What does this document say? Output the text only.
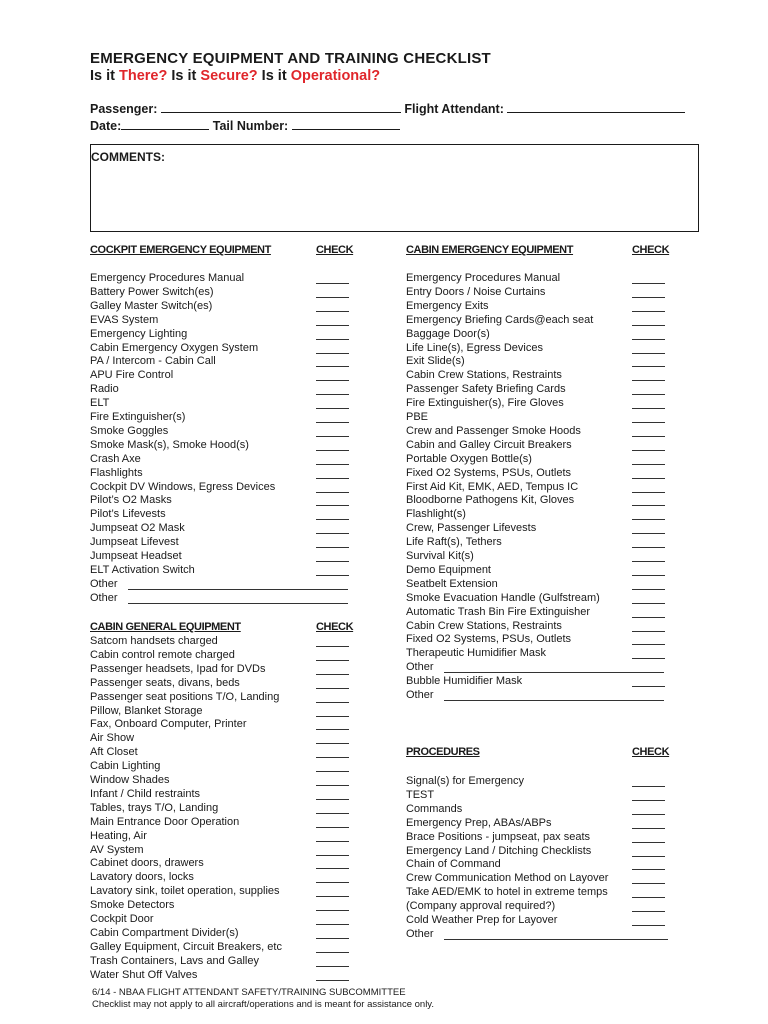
EMERGENCY EQUIPMENT AND TRAINING CHECKLIST
Is it There? Is it Secure? Is it Operational?
Passenger:	Flight Attendant:
Date:	Tail Number:
COMMENTS:
COCKPIT EMERGENCY EQUIPMENT	CHECK
Emergency Procedures Manual
Battery Power Switch(es)
Galley Master Switch(es)
EVAS System
Emergency Lighting
Cabin Emergency Oxygen System
PA / Intercom - Cabin Call
APU Fire Control
Radio
ELT
Fire Extinguisher(s)
Smoke Goggles
Smoke Mask(s), Smoke Hood(s)
Crash Axe
Flashlights
Cockpit DV Windows, Egress Devices
Pilot’s O2 Masks
Pilot’s Lifevests
Jumpseat O2 Mask
Jumpseat Lifevest
Jumpseat Headset
ELT Activation Switch
Other
Other
CABIN GENERAL EQUIPMENT	CHECK
Satcom handsets charged
Cabin control remote charged
Passenger headsets, Ipad for DVDs
Passenger seats, divans, beds
Passenger seat positions T/O, Landing
Pillow, Blanket Storage
Fax, Onboard Computer, Printer
Air Show
Aft Closet
Cabin Lighting
Window Shades
Infant / Child restraints
Tables, trays T/O, Landing
Main Entrance Door Operation
Heating, Air
AV System
Cabinet doors, drawers
Lavatory doors, locks
Lavatory sink, toilet operation, supplies
Smoke Detectors
Cockpit Door
Cabin Compartment Divider(s)
Galley Equipment, Circuit Breakers, etc
Trash Containers, Lavs and Galley
Water Shut Off Valves
CABIN EMERGENCY EQUIPMENT	CHECK
Emergency Procedures Manual
Entry Doors / Noise Curtains
Emergency Exits
Emergency Briefing Cards@each seat
Baggage Door(s)
Life Line(s), Egress Devices
Exit Slide(s)
Cabin Crew Stations, Restraints
Passenger Safety Briefing Cards
Fire Extinguisher(s), Fire Gloves
PBE
Crew and Passenger Smoke Hoods
Cabin and Galley Circuit Breakers
Portable Oxygen Bottle(s)
Fixed O2 Systems, PSUs, Outlets
First Aid Kit, EMK, AED, Tempus IC
Bloodborne Pathogens Kit, Gloves
Flashlight(s)
Crew, Passenger Lifevests
Life Raft(s), Tethers
Survival Kit(s)
Demo Equipment
Seatbelt Extension
Smoke Evacuation Handle (Gulfstream)
Automatic Trash Bin Fire Extinguisher
Cabin Crew Stations, Restraints
Fixed O2 Systems, PSUs, Outlets
Therapeutic Humidifier Mask
Other
Bubble Humidifier Mask
Other
PROCEDURES	CHECK
Signal(s) for Emergency
TEST
Commands
Emergency Prep, ABAs/ABPs
Brace Positions - jumpseat, pax seats
Emergency Land / Ditching Checklists
Chain of Command
Crew Communication Method on Layover
Take AED/EMK to hotel in extreme temps
(Company approval required?)
Cold Weather Prep for Layover
Other
6/14 - NBAA FLIGHT ATTENDANT SAFETY/TRAINING SUBCOMMITTEE
Checklist may not apply to all aircraft/operations and is meant for assistance only.
